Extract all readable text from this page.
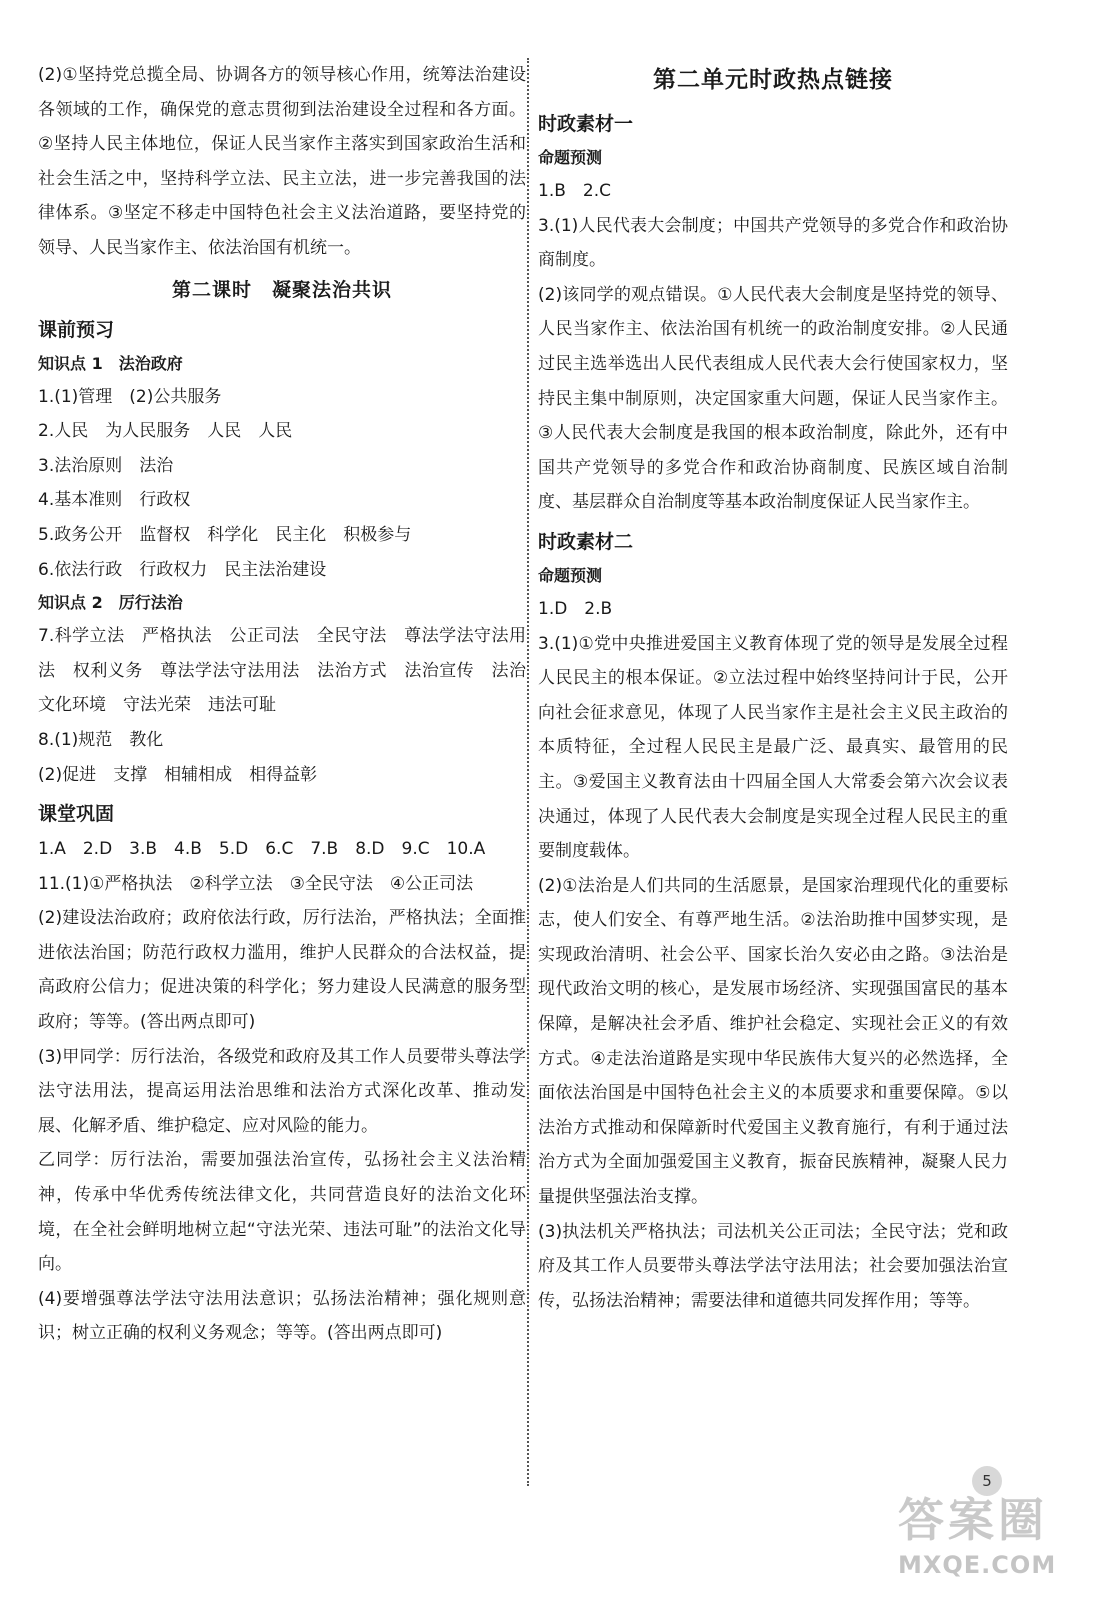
(2)①坚持党总揽全局、协调各方的领导核心作用，统筹法治建设各领域的工作，确保党的意志贯彻到法治建设全过程和各方面。②坚持人民主体地位，保证人民当家作主落实到国家政治生活和社会生活之中，坚持科学立法、民主立法，进一步完善我国的法律体系。③坚定不移走中国特色社会主义法治道路，要坚持党的领导、人民当家作主、依法治国有机统一。

第二课时　凝聚法治共识
课前预习
知识点 1　法治政府

1.(1)管理　(2)公共服务

2.人民　为人民服务　人民　人民

3.法治原则　法治

4.基本准则　行政权

5.政务公开　监督权　科学化　民主化　积极参与

6.依法行政　行政权力　民主法治建设

知识点 2　厉行法治

7.科学立法　严格执法　公正司法　全民守法　尊法学法守法用法　权利义务　尊法学法守法用法　法治方式　法治宣传　法治文化环境　守法光荣　违法可耻

8.(1)规范　教化

(2)促进　支撑　相辅相成　相得益彰

课堂巩固

1.A　2.D　3.B　4.B　5.D　6.C　7.B　8.D　9.C　10.A

11.(1)①严格执法　②科学立法　③全民守法　④公正司法

(2)建设法治政府；政府依法行政，厉行法治，严格执法；全面推进依法治国；防范行政权力滥用，维护人民群众的合法权益，提高政府公信力；促进决策的科学化；努力建设人民满意的服务型政府；等等。(答出两点即可)

(3)甲同学：厉行法治，各级党和政府及其工作人员要带头尊法学法守法用法，提高运用法治思维和法治方式深化改革、推动发展、化解矛盾、维护稳定、应对风险的能力。

乙同学：厉行法治，需要加强法治宣传，弘扬社会主义法治精神，传承中华优秀传统法律文化，共同营造良好的法治文化环境，在全社会鲜明地树立起“守法光荣、违法可耻”的法治文化导向。

(4)要增强尊法学法守法用法意识；弘扬法治精神；强化规则意识；树立正确的权利义务观念；等等。(答出两点即可)

第二单元时政热点链接
时政素材一
命题预测

1.B　2.C

3.(1)人民代表大会制度；中国共产党领导的多党合作和政治协商制度。

(2)该同学的观点错误。①人民代表大会制度是坚持党的领导、人民当家作主、依法治国有机统一的政治制度安排。②人民通过民主选举选出人民代表组成人民代表大会行使国家权力，坚持民主集中制原则，决定国家重大问题，保证人民当家作主。③人民代表大会制度是我国的根本政治制度，除此外，还有中国共产党领导的多党合作和政治协商制度、民族区域自治制度、基层群众自治制度等基本政治制度保证人民当家作主。

时政素材二
命题预测

1.D　2.B

3.(1)①党中央推进爱国主义教育体现了党的领导是发展全过程人民民主的根本保证。②立法过程中始终坚持问计于民，公开向社会征求意见，体现了人民当家作主是社会主义民主政治的本质特征，全过程人民民主是最广泛、最真实、最管用的民主。③爱国主义教育法由十四届全国人大常委会第六次会议表决通过，体现了人民代表大会制度是实现全过程人民民主的重要制度载体。

(2)①法治是人们共同的生活愿景，是国家治理现代化的重要标志，使人们安全、有尊严地生活。②法治助推中国梦实现，是实现政治清明、社会公平、国家长治久安必由之路。③法治是现代政治文明的核心，是发展市场经济、实现强国富民的基本保障，是解决社会矛盾、维护社会稳定、实现社会正义的有效方式。④走法治道路是实现中华民族伟大复兴的必然选择，全面依法治国是中国特色社会主义的本质要求和重要保障。⑤以法治方式推动和保障新时代爱国主义教育施行，有利于通过法治方式为全面加强爱国主义教育，振奋民族精神，凝聚人民力量提供坚强法治支撑。

(3)执法机关严格执法；司法机关公正司法；全民守法；党和政府及其工作人员要带头尊法学法守法用法；社会要加强法治宣传，弘扬法治精神；需要法律和道德共同发挥作用；等等。

5
答案圈
MXQE.COM
